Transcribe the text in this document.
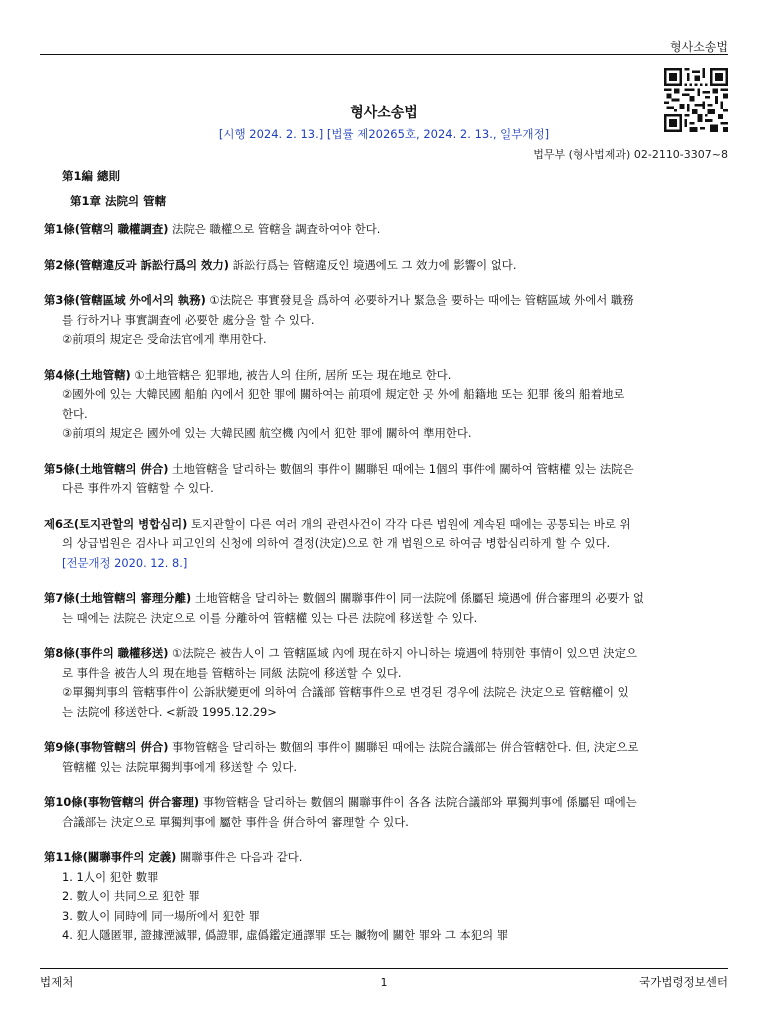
형사소송법
형사소송법
[시행 2024. 2. 13.] [법률 제20265호, 2024. 2. 13., 일부개정]
법무부 (형사법제과) 02-2110-3307~8
第1編 總則
第1章 法院의 管轄
第1條(管轄의 職權調査) 法院은 職權으로 管轄을 調査하여야 한다.
第2條(管轄違反과 訴訟行爲의 效力) 訴訟行爲는 管轄違反인 境遇에도 그 效力에 影響이 없다.
第3條(管轄區域 外에서의 執務) ①法院은 事實發見을 爲하여 必要하거나 緊急을 要하는 때에는 管轄區域 外에서 職務
를 行하거나 事實調査에 必要한 處分을 할 수 있다.
②前項의 規定은 受命法官에게 準用한다.
第4條(土地管轄) ①土地管轄은 犯罪地, 被告人의 住所, 居所 또는 現在地로 한다.
②國外에 있는 大韓民國 船舶 內에서 犯한 罪에 關하여는 前項에 規定한 곳 外에 船籍地 또는 犯罪 後의 船着地로
한다.
③前項의 規定은 國外에 있는 大韓民國 航空機 內에서 犯한 罪에 關하여 準用한다.
第5條(土地管轄의 倂合) 土地管轄을 달리하는 數個의 事件이 關聯된 때에는 1個의 事件에 關하여 管轄權 있는 法院은
다른 事件까지 管轄할 수 있다.
제6조(토지관할의 병합심리) 토지관할이 다른 여러 개의 관련사건이 각각 다른 법원에 계속된 때에는 공통되는 바로 위
의 상급법원은 검사나 피고인의 신청에 의하여 결정(決定)으로 한 개 법원으로 하여금 병합심리하게 할 수 있다.
[전문개정 2020. 12. 8.]
第7條(土地管轄의 審理分離) 土地管轄을 달리하는 數個의 關聯事件이 同一法院에 係屬된 境遇에 倂合審理의 必要가 없
는 때에는 法院은 決定으로 이를 分離하여 管轄權 있는 다른 法院에 移送할 수 있다.
第8條(事件의 職權移送) ①法院은 被告人이 그 管轄區域 內에 現在하지 아니하는 境遇에 特別한 事情이 있으면 決定으
로 事件을 被告人의 現在地를 管轄하는 同級 法院에 移送할 수 있다.
②單獨判事의 管轄事件이 公訴狀變更에 의하여 合議部 管轄事件으로 변경된 경우에 法院은 決定으로 管轄權이 있
는 法院에 移送한다. <新設 1995.12.29>
第9條(事物管轄의 倂合) 事物管轄을 달리하는 數個의 事件이 關聯된 때에는 法院合議部는 倂合管轄한다. 但, 決定으로
管轄權 있는 法院單獨判事에게 移送할 수 있다.
第10條(事物管轄의 倂合審理) 事物管轄을 달리하는 數個의 關聯事件이 各各 法院合議部와 單獨判事에 係屬된 때에는
合議部는 決定으로 單獨判事에 屬한 事件을 倂合하여 審理할 수 있다.
第11條(關聯事件의 定義) 關聯事件은 다음과 같다.
1. 1人이 犯한 數罪
2. 數人이 共同으로 犯한 罪
3. 數人이 同時에 同一場所에서 犯한 罪
4. 犯人隱匿罪, 證據湮滅罪, 僞證罪, 虛僞鑑定通譯罪 또는 贓物에 關한 罪와 그 本犯의 罪
법제처	1	국가법령정보센터
